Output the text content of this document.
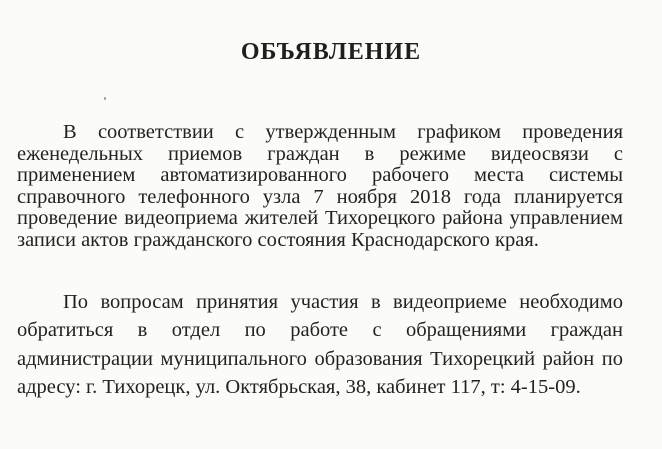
ОБЪЯВЛЕНИЕ

В соответствии с утвержденным графиком проведения еженедельных приемов граждан в режиме видеосвязи с применением автоматизированного рабочего места системы справочного телефонного узла 7 ноября 2018 года планируется проведение видеоприема жителей Тихорецкого района управлением записи актов гражданского состояния Краснодарского края.

По вопросам принятия участия в видеоприеме необходимо обратиться в отдел по работе с обращениями граждан администрации муниципального образования Тихорецкий район по адресу: г. Тихорецк, ул. Октябрьская, 38, кабинет 117, т: 4-15-09.
